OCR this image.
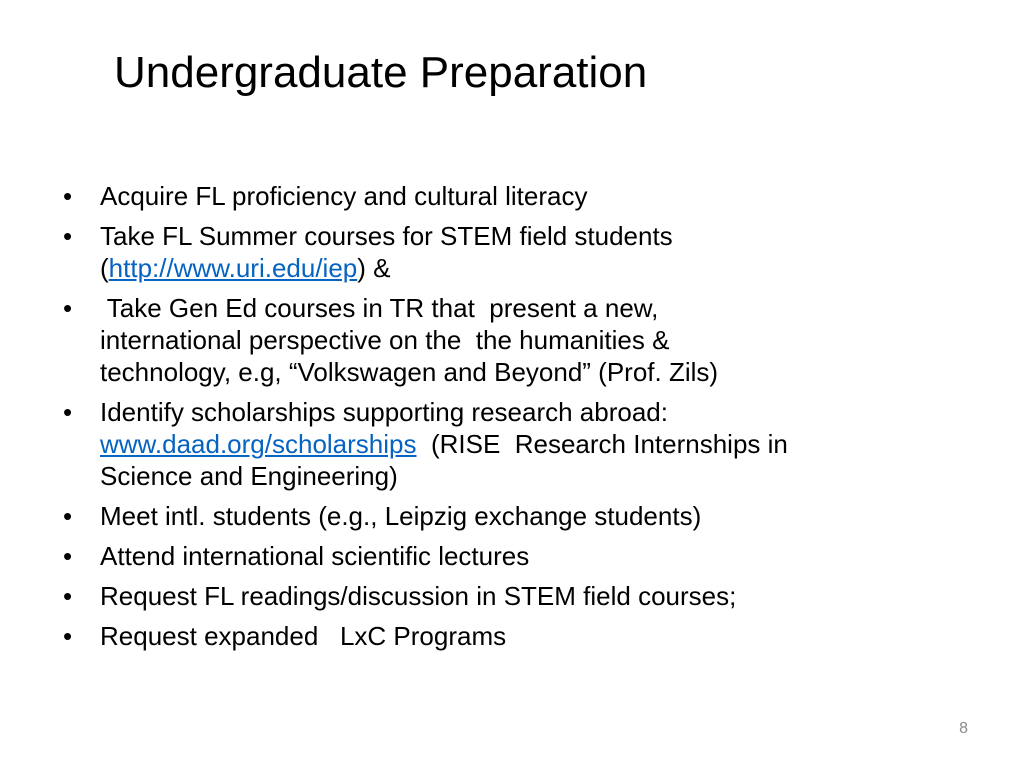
Undergraduate Preparation
•	Acquire FL proficiency and cultural literacy
•	Take FL Summer courses for STEM field students
(http://www.uri.edu/iep) &
•	Take Gen Ed courses in TR that  present a new,
international perspective on the  the humanities &
technology, e.g, “Volkswagen and Beyond” (Prof. Zils)
•	Identify scholarships supporting research abroad:
www.daad.org/scholarships  (RISE  Research Internships in
Science and Engineering)
•	Meet intl. students (e.g., Leipzig exchange students)
•	Attend international scientific lectures
•	Request FL readings/discussion in STEM field courses;
•	Request expanded   LxC Programs
8
